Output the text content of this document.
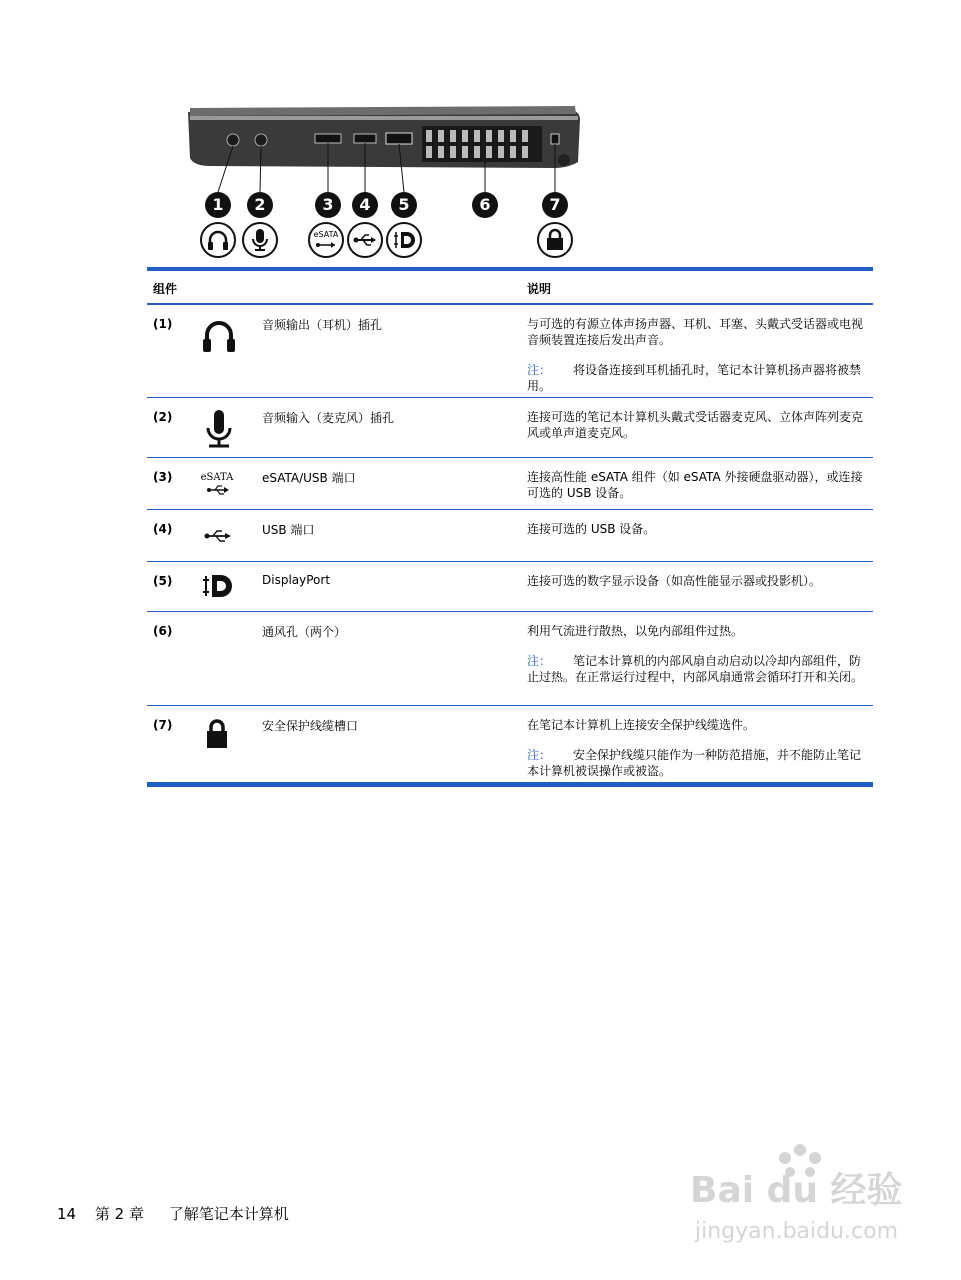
1	2	3	4	5	6	7
eSATA
组件	说明
(1)	音频输出（耳机）插孔	与可选的有源立体声扬声器、耳机、耳塞、头戴式受话器或电视音频装置连接后发出声音。

注： 将设备连接到耳机插孔时，笔记本计算机扬声器将被禁用。

(2)	音频输入（麦克风）插孔	连接可选的笔记本计算机头戴式受话器麦克风、立体声阵列麦克风或单声道麦克风。

(3)	eSATA eSATA/USB 端口	连接高性能 eSATA 组件（如 eSATA 外接硬盘驱动器），或连接可选的 USB 设备。

(4)	USB 端口	连接可选的 USB 设备。

(5)	DisplayPort	连接可选的数字显示设备（如高性能显示器或投影机）。

(6)	通风孔（两个）	利用气流进行散热，以免内部组件过热。

注： 笔记本计算机的内部风扇自动启动以冷却内部组件，防止过热。在正常运行过程中，内部风扇通常会循环打开和关闭。

(7)	安全保护线缆槽口	在笔记本计算机上连接安全保护线缆选件。

注： 安全保护线缆只能作为一种防范措施，并不能防止笔记本计算机被误操作或被盗。

Bai du 经验
jingyan.baidu.com
14 第 2 章 了解笔记本计算机
